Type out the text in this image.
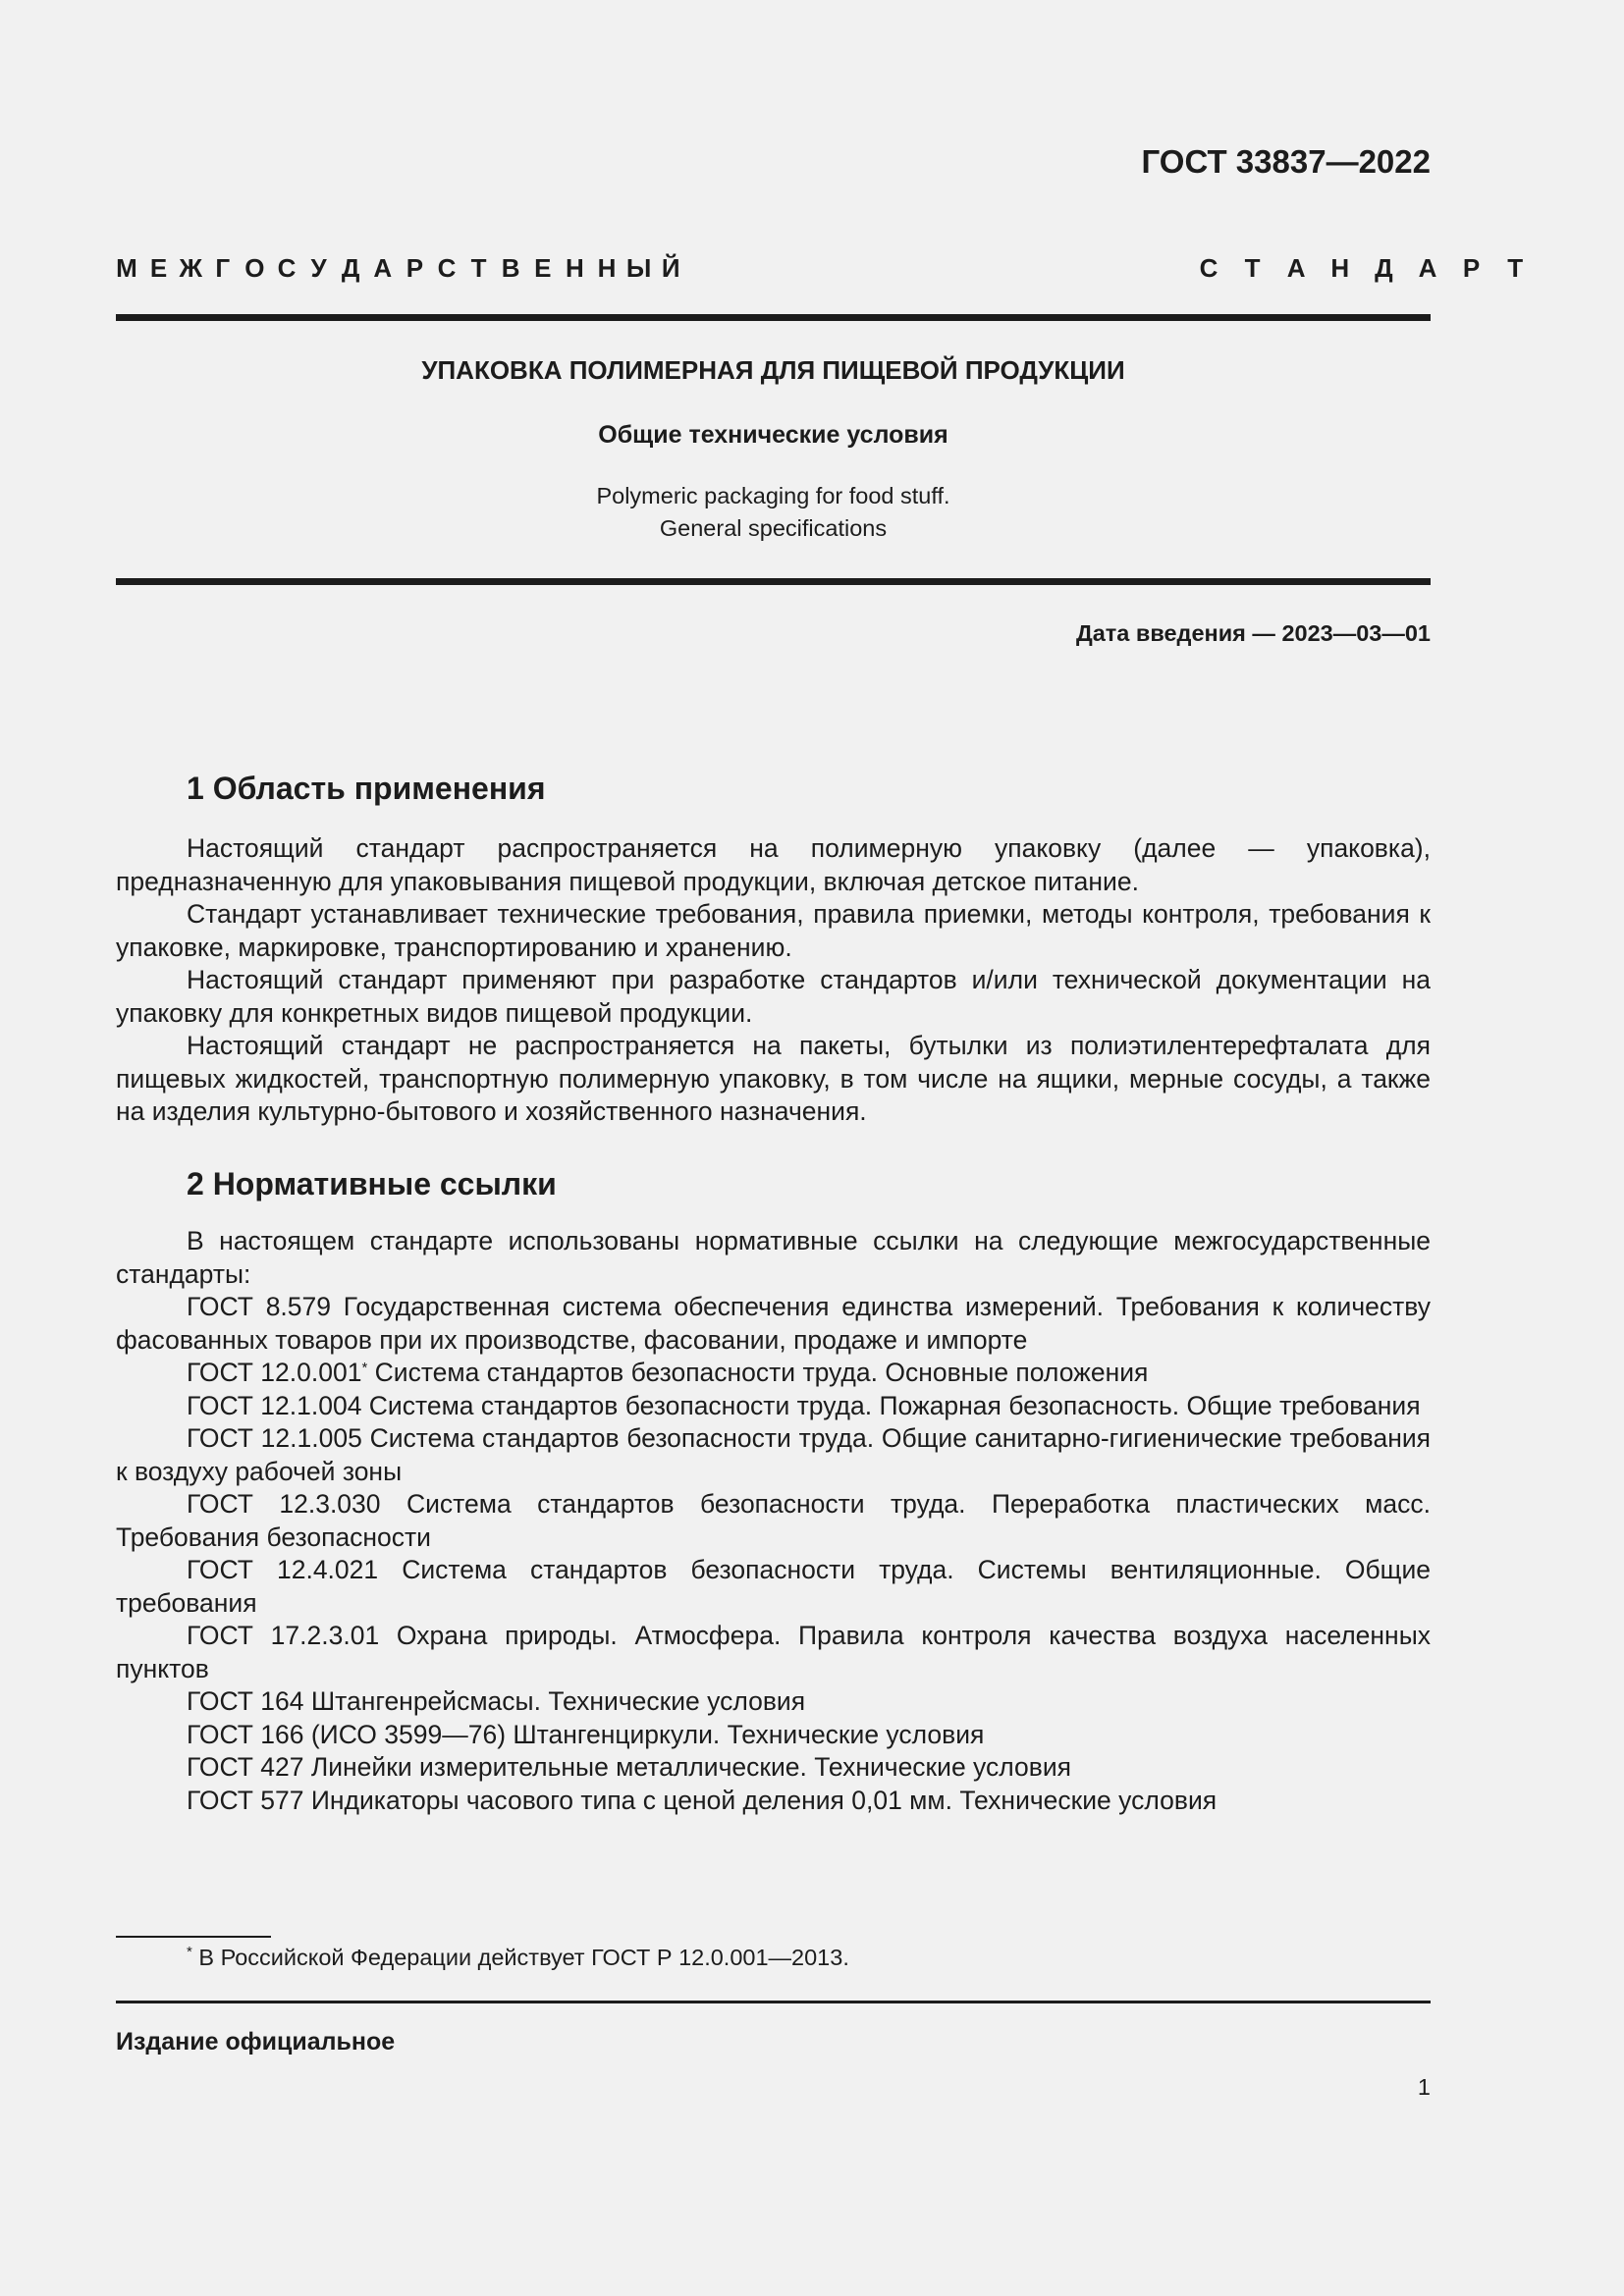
ГОСТ 33837—2022
М Е Ж Г О С У Д А Р С Т В Е Н Н Ы Й	С Т А Н Д А Р Т
УПАКОВКА ПОЛИМЕРНАЯ ДЛЯ ПИЩЕВОЙ ПРОДУКЦИИ
Общие технические условия
Polymeric packaging for food stuff.
General specifications
Дата введения — 2023—03—01
1 Область применения

Настоящий стандарт распространяется на полимерную упаковку (далее — упаковка), предназначенную для упаковывания пищевой продукции, включая детское питание.

Стандарт устанавливает технические требования, правила приемки, методы контроля, требования к упаковке, маркировке, транспортированию и хранению.

Настоящий стандарт применяют при разработке стандартов и/или технической документации на упаковку для конкретных видов пищевой продукции.

Настоящий стандарт не распространяется на пакеты, бутылки из полиэтилентерефталата для пищевых жидкостей, транспортную полимерную упаковку, в том числе на ящики, мерные сосуды, а также на изделия культурно-бытового и хозяйственного назначения.

2 Нормативные ссылки

В настоящем стандарте использованы нормативные ссылки на следующие межгосударственные стандарты:

ГОСТ 8.579 Государственная система обеспечения единства измерений. Требования к количеству фасованных товаров при их производстве, фасовании, продаже и импорте

ГОСТ 12.0.001* Система стандартов безопасности труда. Основные положения

ГОСТ 12.1.004 Система стандартов безопасности труда. Пожарная безопасность. Общие требования

ГОСТ 12.1.005 Система стандартов безопасности труда. Общие санитарно-гигиенические требования к воздуху рабочей зоны

ГОСТ 12.3.030 Система стандартов безопасности труда. Переработка пластических масс. Требования безопасности

ГОСТ 12.4.021 Система стандартов безопасности труда. Системы вентиляционные. Общие требования

ГОСТ 17.2.3.01 Охрана природы. Атмосфера. Правила контроля качества воздуха населенных пунктов

ГОСТ 164 Штангенрейсмасы. Технические условия

ГОСТ 166 (ИСО 3599—76) Штангенциркули. Технические условия

ГОСТ 427 Линейки измерительные металлические. Технические условия

ГОСТ 577 Индикаторы часового типа с ценой деления 0,01 мм. Технические условия

* В Российской Федерации действует ГОСТ Р 12.0.001—2013.
Издание официальное
1
